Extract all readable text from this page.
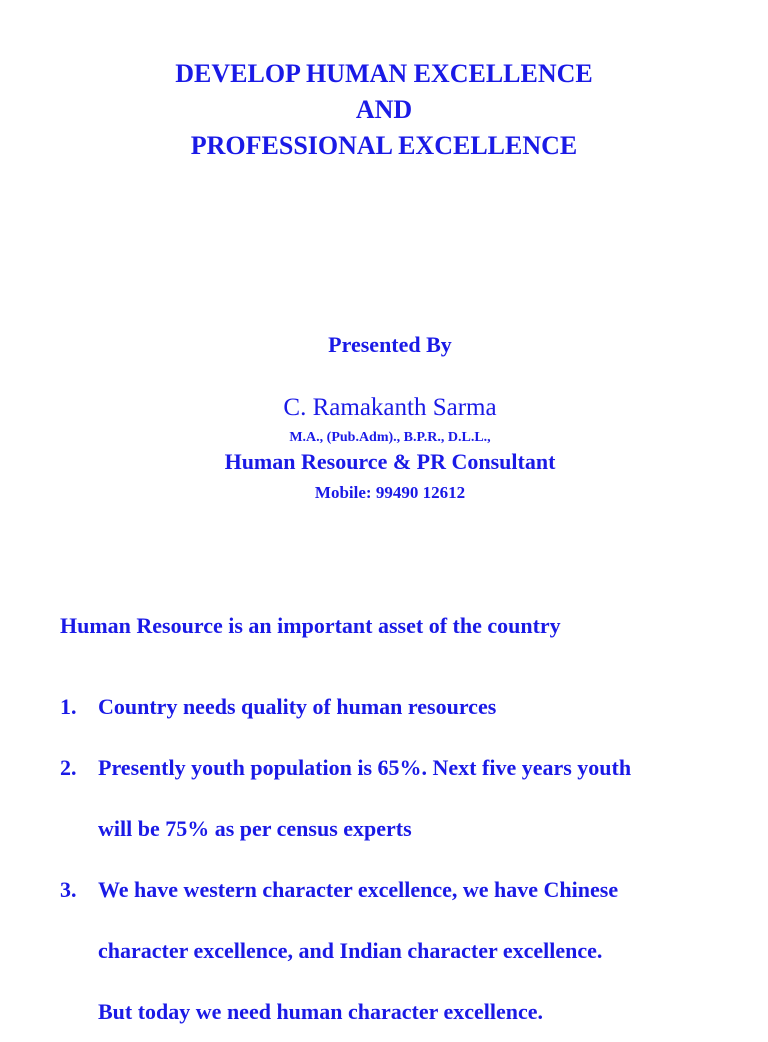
DEVELOP HUMAN EXCELLENCE
AND
PROFESSIONAL EXCELLENCE
Presented By
C. Ramakanth Sarma
M.A., (Pub.Adm)., B.P.R., D.L.L.,
Human Resource & PR Consultant
Mobile: 99490 12612
Human Resource is an important asset of the country
1. Country needs quality of human resources
2. Presently youth population is 65%. Next five years youth
will be 75% as per census experts
3. We have western character excellence, we have Chinese
character excellence, and Indian character excellence.
But today we need human character excellence.
